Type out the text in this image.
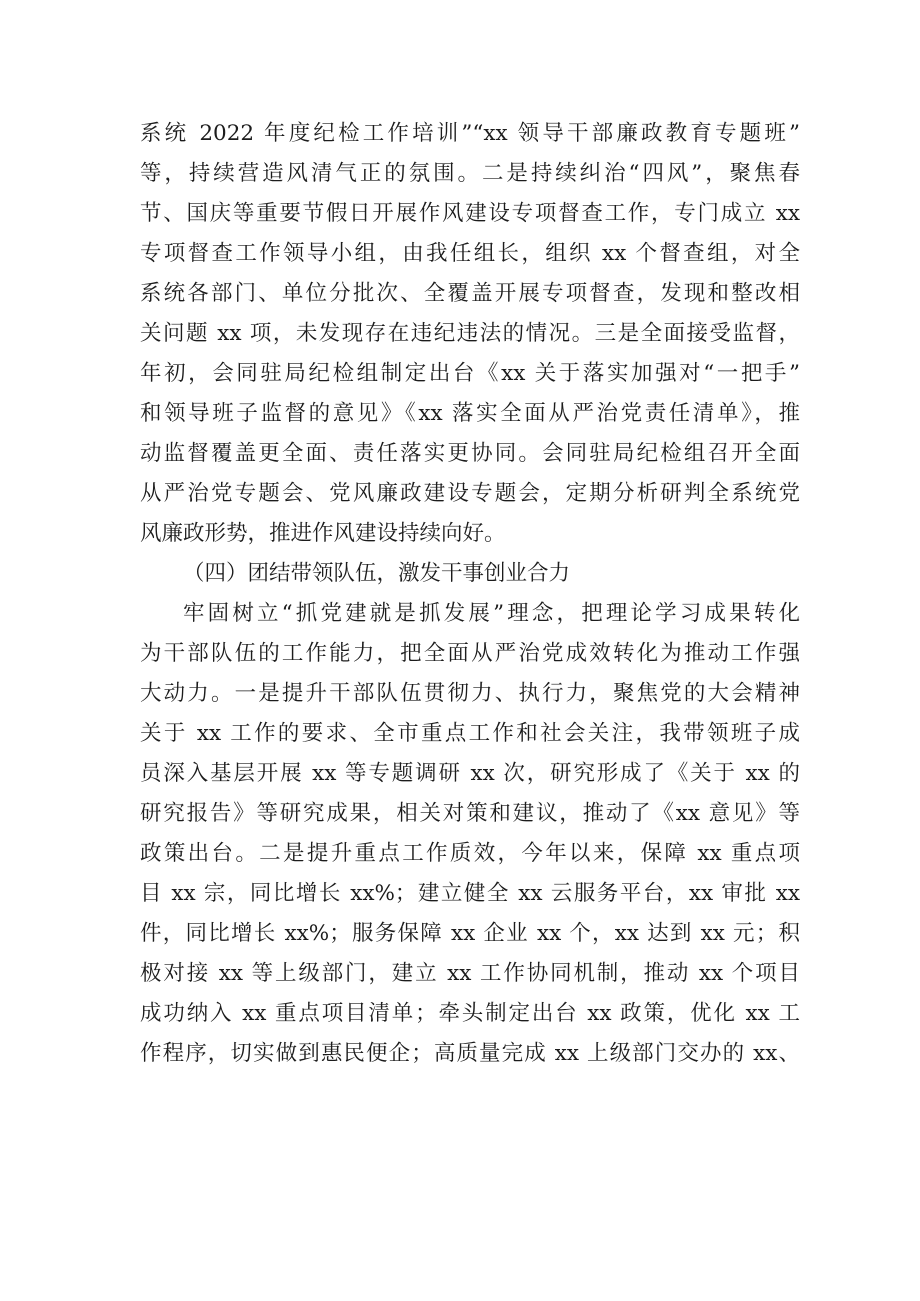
系统 2022 年度纪检工作培训”“xx 领导干部廉政教育专题班”

等，持续营造风清气正的氛围。二是持续纠治“四风”，聚焦春

节、国庆等重要节假日开展作风建设专项督查工作，专门成立 xx

专项督查工作领导小组，由我任组长，组织 xx 个督查组，对全

系统各部门、单位分批次、全覆盖开展专项督查，发现和整改相

关问题 xx 项，未发现存在违纪违法的情况。三是全面接受监督，

年初，会同驻局纪检组制定出台《xx 关于落实加强对“一把手”

和领导班子监督的意见》《xx 落实全面从严治党责任清单》，推

动监督覆盖更全面、责任落实更协同。会同驻局纪检组召开全面

从严治党专题会、党风廉政建设专题会，定期分析研判全系统党

风廉政形势，推进作风建设持续向好。

（四）团结带领队伍，激发干事创业合力

牢固树立“抓党建就是抓发展”理念，把理论学习成果转化

为干部队伍的工作能力，把全面从严治党成效转化为推动工作强

大动力。一是提升干部队伍贯彻力、执行力，聚焦党的大会精神

关于 xx 工作的要求、全市重点工作和社会关注，我带领班子成

员深入基层开展 xx 等专题调研 xx 次，研究形成了《关于 xx 的

研究报告》等研究成果，相关对策和建议，推动了《xx 意见》等

政策出台。二是提升重点工作质效，今年以来，保障 xx 重点项

目 xx 宗，同比增长 xx%；建立健全 xx 云服务平台，xx 审批 xx

件，同比增长 xx%；服务保障 xx 企业 xx 个，xx 达到 xx 元；积

极对接 xx 等上级部门，建立 xx 工作协同机制，推动 xx 个项目

成功纳入 xx 重点项目清单；牵头制定出台 xx 政策，优化 xx 工

作程序，切实做到惠民便企；高质量完成 xx 上级部门交办的 xx、
